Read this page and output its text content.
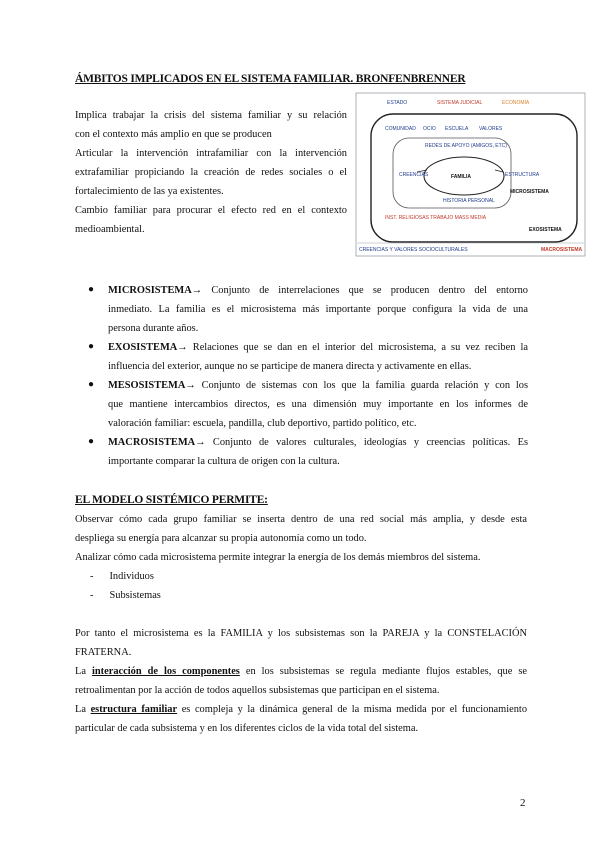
ÁMBITOS IMPLICADOS EN EL SISTEMA FAMILIAR. BRONFENBRENNER
Implica trabajar la crisis del sistema familiar y su relación
con el contexto más amplio en que se producen
Articular la intervención intrafamiliar con la intervención
extrafamiliar propiciando la creación de redes sociales o el
fortalecimiento de las ya existentes.
Cambio familiar para procurar el efecto red en el contexto
medioambiental.
ESTADO	SISTEMA JUDICIAL	ECONOMÍA
COMUNIDAD OCIO ESCUELA VALORES
REDES DE APOYO (AMIGOS, ETC)
FAMILIA
CREENCIAS	ESTRUCTURA
HISTORIA PERSONAL
MICROSISTEMA
INST. RELIGIOSAS TRABAJO MASS MEDIA
EXOSISTEMA
CREENCIAS Y VALORES SOCIOCULTURALES	MACROSISTEMA
● MICROSISTEMA→ Conjunto de interrelaciones que se producen dentro del entorno
inmediato. La familia es el microsistema más importante porque configura la vida de una
persona durante años.
● EXOSISTEMA→ Relaciones que se dan en el interior del microsistema, a su vez reciben la
influencia del exterior, aunque no se participe de manera directa y activamente en ellas.
● MESOSISTEMA→ Conjunto de sistemas con los que la familia guarda relación y con los
que mantiene intercambios directos, es una dimensión muy importante en los informes de
valoración familiar: escuela, pandilla, club deportivo, partido político, etc.
● MACROSISTEMA→ Conjunto de valores culturales, ideologías y creencias políticas. Es
importante comparar la cultura de origen con la cultura.
EL MODELO SISTÉMICO PERMITE:
Observar cómo cada grupo familiar se inserta dentro de una red social más amplia, y desde esta
despliega su energía para alcanzar su propia autonomía como un todo.
Analizar cómo cada microsistema permite integrar la energía de los demás miembros del sistema.
- Individuos
- Subsistemas
Por tanto el microsistema es la FAMILIA y los subsistemas son la PAREJA y la CONSTELACIÓN
FRATERNA.
La interacción de los componentes en los subsistemas se regula mediante flujos estables, que se
retroalimentan por la acción de todos aquellos subsistemas que participan en el sistema.
La estructura familiar es compleja y la dinámica general de la misma medida por el funcionamiento
particular de cada subsistema y en los diferentes ciclos de la vida total del sistema.
2
